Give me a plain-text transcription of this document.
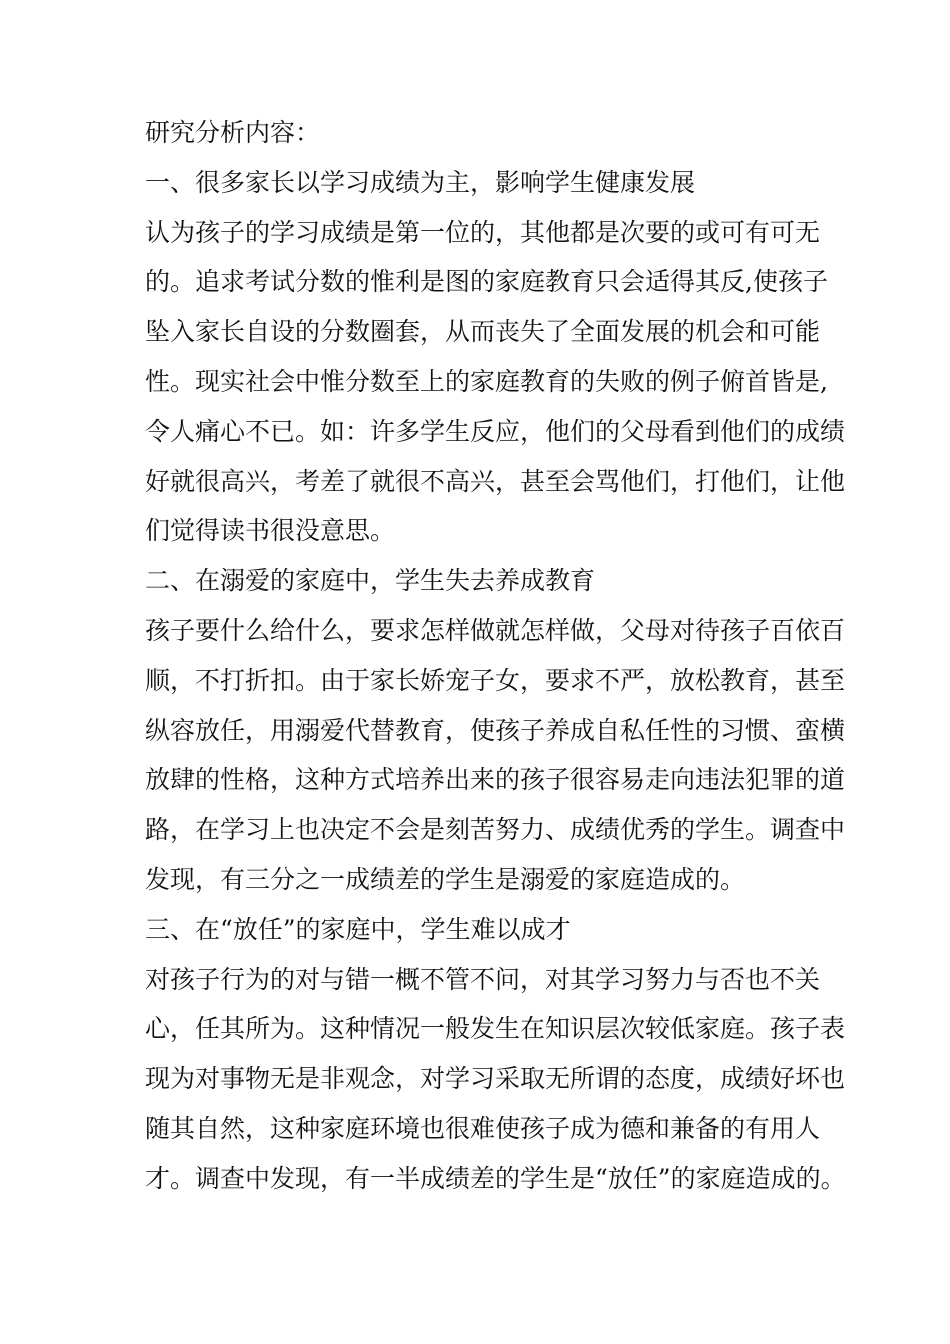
研究分析内容：
一、很多家长以学习成绩为主，影响学生健康发展
认为孩子的学习成绩是第一位的，其他都是次要的或可有可无
的。追求考试分数的惟利是图的家庭教育只会适得其反,使孩子
坠入家长自设的分数圈套，从而丧失了全面发展的机会和可能
性。现实社会中惟分数至上的家庭教育的失败的例子俯首皆是,
令人痛心不已。如：许多学生反应，他们的父母看到他们的成绩
好就很高兴，考差了就很不高兴，甚至会骂他们，打他们，让他
们觉得读书很没意思。
二、在溺爱的家庭中，学生失去养成教育
孩子要什么给什么，要求怎样做就怎样做，父母对待孩子百依百
顺，不打折扣。由于家长娇宠子女，要求不严，放松教育，甚至
纵容放任，用溺爱代替教育，使孩子养成自私任性的习惯、蛮横
放肆的性格，这种方式培养出来的孩子很容易走向违法犯罪的道
路，在学习上也决定不会是刻苦努力、成绩优秀的学生。调查中
发现，有三分之一成绩差的学生是溺爱的家庭造成的。
三、在“放任”的家庭中，学生难以成才
对孩子行为的对与错一概不管不问，对其学习努力与否也不关
心，任其所为。这种情况一般发生在知识层次较低家庭。孩子表
现为对事物无是非观念，对学习采取无所谓的态度，成绩好坏也
随其自然，这种家庭环境也很难使孩子成为德和兼备的有用人
才。调查中发现，有一半成绩差的学生是“放任”的家庭造成的。
